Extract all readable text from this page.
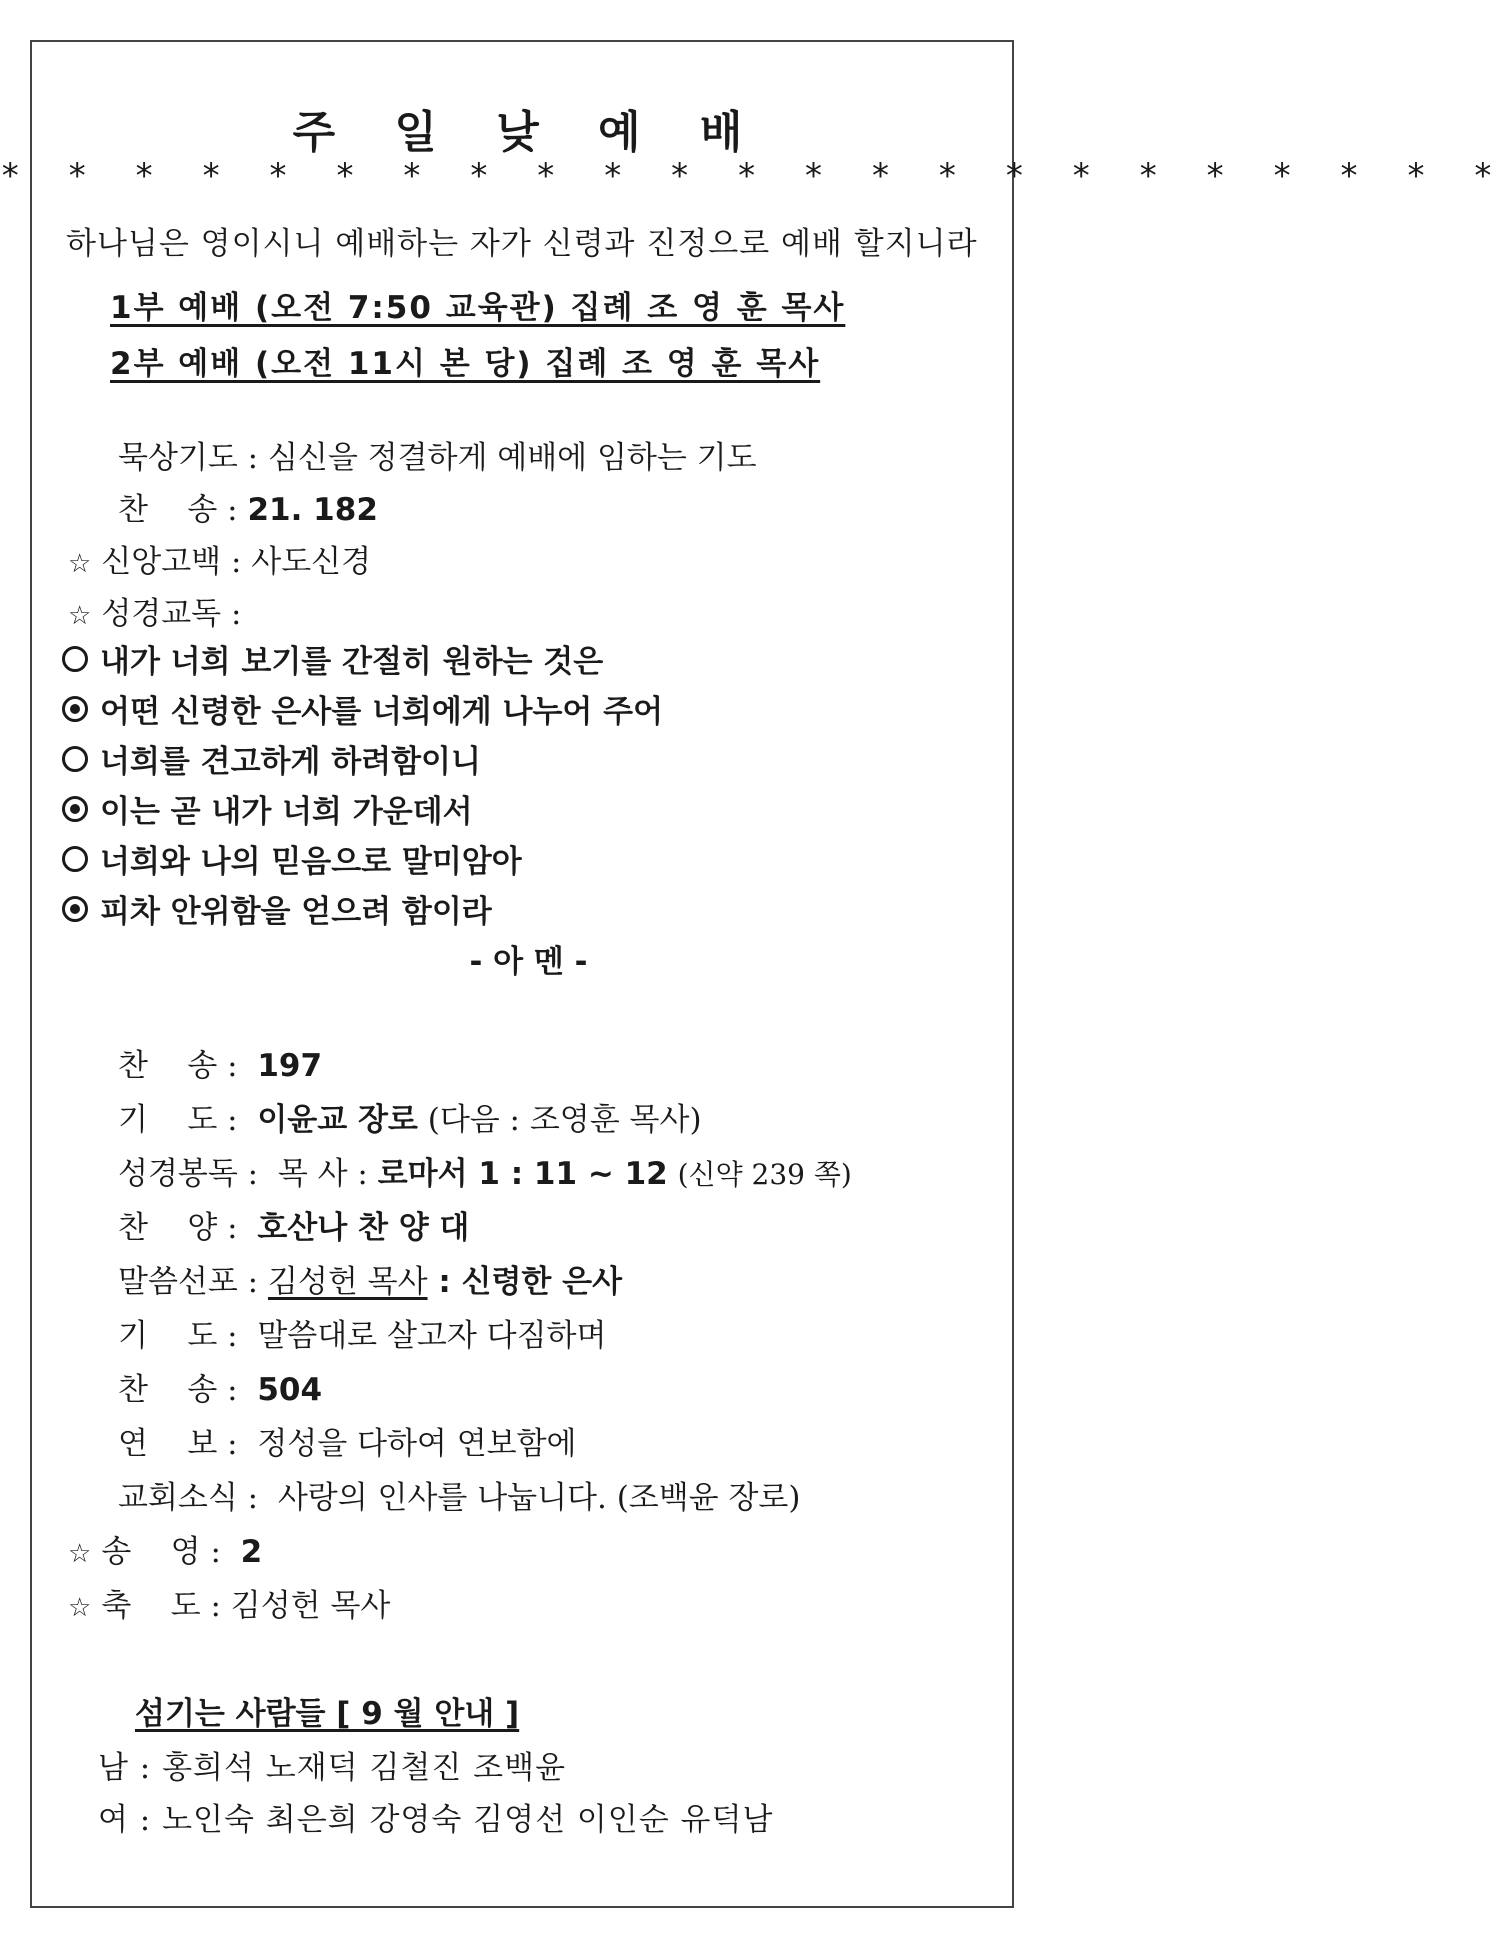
주 일 낮 예 배
* * * * * * * * * * * * * * * * * * * * * * *
하나님은 영이시니 예배하는 자가 신령과 진정으로 예배 할지니라
1부 예배 (오전 7:50 교육관) 집례 조 영 훈 목사
2부 예배 (오전 11시 본 당) 집례 조 영 훈 목사
묵상기도 : 심신을 정결하게 예배에 임하는 기도
찬    송 : 21. 182
☆ 신앙고백 : 사도신경
☆ 성경교독 :
내가 너희 보기를 간절히 원하는 것은
어떤 신령한 은사를 너희에게 나누어 주어
너희를 견고하게 하려함이니
이는 곧 내가 너희 가운데서
너희와 나의 믿음으로 말미암아
피차 안위함을 얻으려 함이라
- 아 멘 -
찬    송 : 197
기    도 : 이윤교 장로
(다음 : 조영훈 목사)
성경봉독 : 목 사 :
로마서 1 : 11 ~ 12
(신약 239 쪽)
찬    양 : 호산나 찬 양 대
말씀선포 : 김성헌 목사 : 신령한 은사
기    도 : 말씀대로 살고자 다짐하며
찬    송 : 504
연    보 : 정성을 다하여 연보함에
교회소식 : 사랑의 인사를 나눕니다. (조백윤 장로)
☆ 송    영 : 2
☆ 축    도 : 김성헌 목사
섬기는 사람들 [ 9 월 안내 ]
남 : 홍희석 노재덕 김철진 조백윤
여 : 노인숙 최은희 강영숙 김영선 이인순 유덕남
